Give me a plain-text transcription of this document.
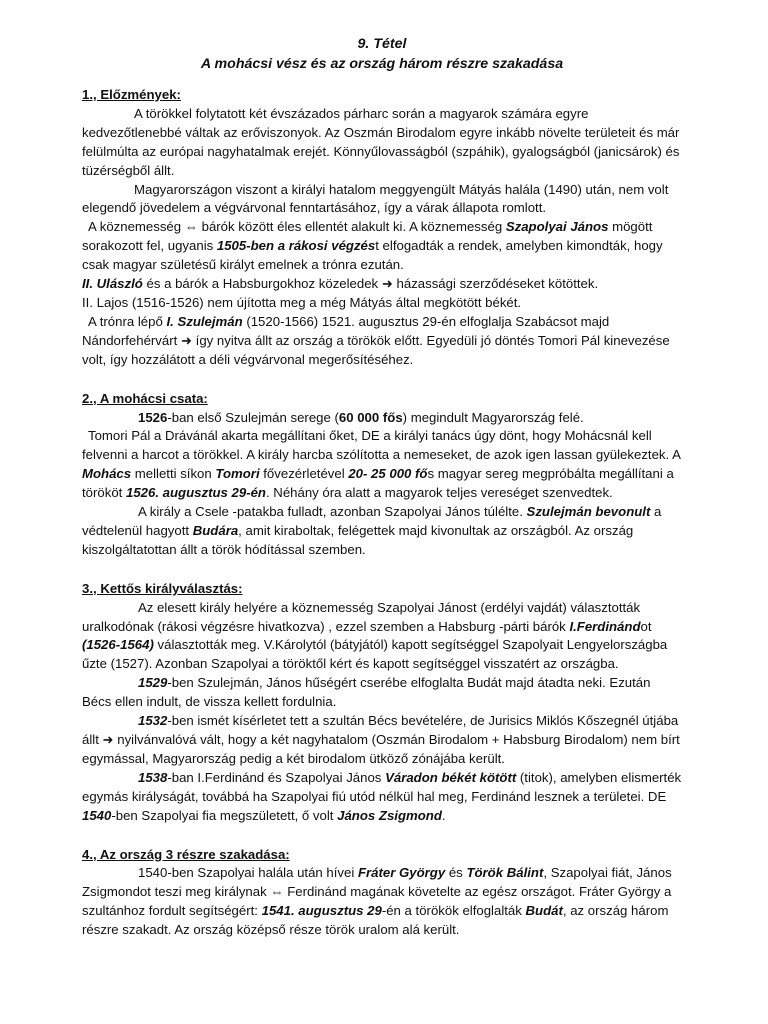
9. Tétel
A mohácsi vész és az ország három részre szakadása
1., Előzmények:

A törökkel folytatott két évszázados párharc során a magyarok számára egyre kedvezőtlenebbé váltak az erőviszonyok. Az Oszmán Birodalom egyre inkább növelte területeit és már felülmúlta az európai nagyhatalmak erejét. Könnyűlovasságból (szpáhik), gyalogságból (janicsárok) és tüzérségből állt.

Magyarországon viszont a királyi hatalom meggyengült Mátyás halála (1490) után, nem volt elegendő jövedelem a végvárvonal fenntartásához, így a várak állapota romlott.

A köznemesség ⇔ bárók között éles ellentét alakult ki. A köznemesség Szapolyai János mögött sorakozott fel, ugyanis 1505-ben a rákosi végzést elfogadták a rendek, amelyben kimondták, hogy csak magyar születésű királyt emelnek a trónra ezután.

II. Ulászló és a bárók a Habsburgokhoz közeledek ➜ házassági szerződéseket kötöttek.

II. Lajos (1516-1526) nem újította meg a még Mátyás által megkötött békét.

A trónra lépő I. Szulejmán (1520-1566) 1521. augusztus 29-én elfoglalja Szabácsot majd Nándorfehérvárt ➜ így nyitva állt az ország a törökök előtt. Egyedüli jó döntés Tomori Pál kinevezése volt, így hozzálátott a déli végvárvonal megerősítéséhez.

2., A mohácsi csata:

1526-ban első Szulejmán serege (60 000 fős) megindult Magyarország felé.

Tomori Pál a Drávánál akarta megállítani őket, DE a királyi tanács úgy dönt, hogy Mohácsnál kell felvenni a harcot a törökkel. A király harcba szólította a nemeseket, de azok igen lassan gyülekeztek. A Mohács melletti síkon Tomori fővezérletével 20- 25 000 fős magyar sereg megpróbálta megállítani a törököt 1526. augusztus 29-én. Néhány óra alatt a magyarok teljes vereséget szenvedtek.

A király a Csele -patakba fulladt, azonban Szapolyai János túlélte. Szulejmán bevonult a védtelenül hagyott Budára, amit kiraboltak, felégettek majd kivonultak az országból. Az ország kiszolgáltatottan állt a török hódítással szemben.

3., Kettős királyválasztás:

Az elesett király helyére a köznemesség Szapolyai Jánost (erdélyi vajdát) választották uralkodónak (rákosi végzésre hivatkozva) , ezzel szemben a Habsburg -párti bárók I.Ferdinándot (1526-1564) választották meg. V.Károlytól (bátyjától) kapott segítséggel Szapolyait Lengyelországba űzte (1527). Azonban Szapolyai a töröktől kért és kapott segítséggel visszatért az országba.

1529-ben Szulejmán, János hűségért cserébe elfoglalta Budát majd átadta neki. Ezután Bécs ellen indult, de vissza kellett fordulnia.

1532-ben ismét kísérletet tett a szultán Bécs bevételére, de Jurisics Miklós Kőszegnél útjába állt ➜ nyilvánvalóvá vált, hogy a két nagyhatalom (Oszmán Birodalom + Habsburg Birodalom) nem bírt egymással, Magyarország pedig a két birodalom ütköző zónájába került.

1538-ban I.Ferdinánd és Szapolyai János Váradon békét kötött (titok), amelyben elismerték egymás királyságát, továbbá ha Szapolyai fiú utód nélkül hal meg, Ferdinánd lesznek a területei. DE 1540-ben Szapolyai fia megszületett, ő volt János Zsigmond.

4., Az ország 3 részre szakadása:

1540-ben Szapolyai halála után hívei Fráter György és Török Bálint, Szapolyai fiát, János Zsigmondot teszi meg királynak ⇔ Ferdinánd magának követelte az egész országot. Fráter György a szultánhoz fordult segítségért: 1541. augusztus 29-én a törökök elfoglalták Budát, az ország három részre szakadt. Az ország középső része török uralom alá került.
